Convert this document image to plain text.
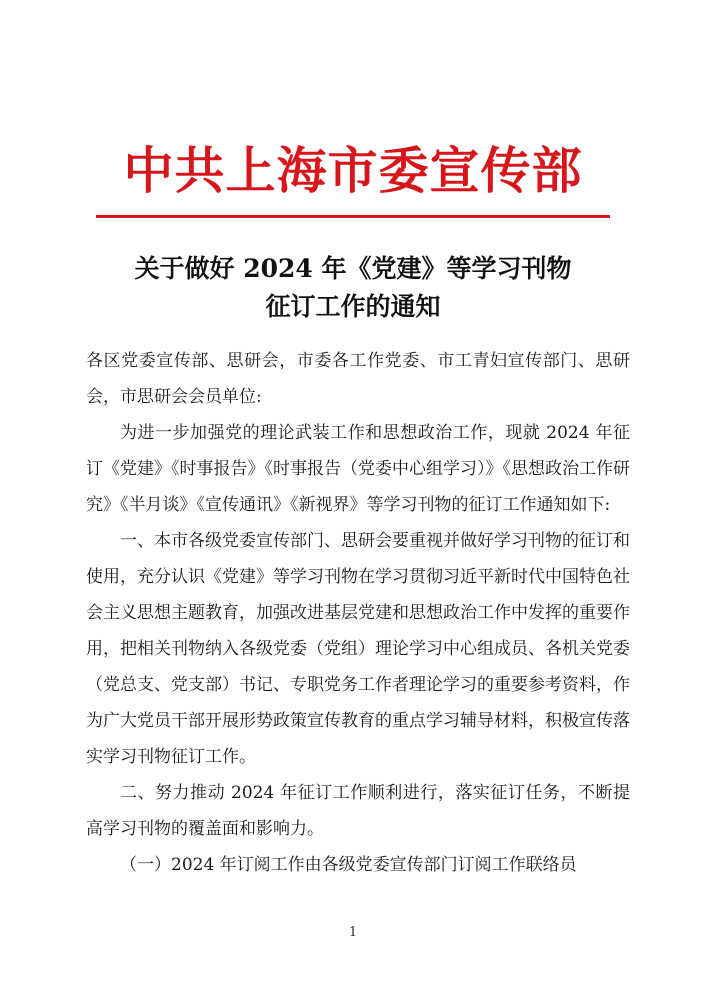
中共上海市委宣传部
关于做好 2024 年《党建》等学习刊物
征订工作的通知

各区党委宣传部、思研会，市委各工作党委、市工青妇宣传部门、思研会，市思研会会员单位:

为进一步加强党的理论武装工作和思想政治工作，现就 2024 年征订《党建》《时事报告》《时事报告（党委中心组学习）》《思想政治工作研究》《半月谈》《宣传通讯》《新视界》等学习刊物的征订工作通知如下:

一、本市各级党委宣传部门、思研会要重视并做好学习刊物的征订和使用，充分认识《党建》等学习刊物在学习贯彻习近平新时代中国特色社会主义思想主题教育，加强改进基层党建和思想政治工作中发挥的重要作用，把相关刊物纳入各级党委（党组）理论学习中心组成员、各机关党委（党总支、党支部）书记、专职党务工作者理论学习的重要参考资料，作为广大党员干部开展形势政策宣传教育的重点学习辅导材料，积极宣传落实学习刊物征订工作。

二、努力推动 2024 年征订工作顺利进行，落实征订任务，不断提高学习刊物的覆盖面和影响力。

（一）2024 年订阅工作由各级党委宣传部门订阅工作联络员

1
